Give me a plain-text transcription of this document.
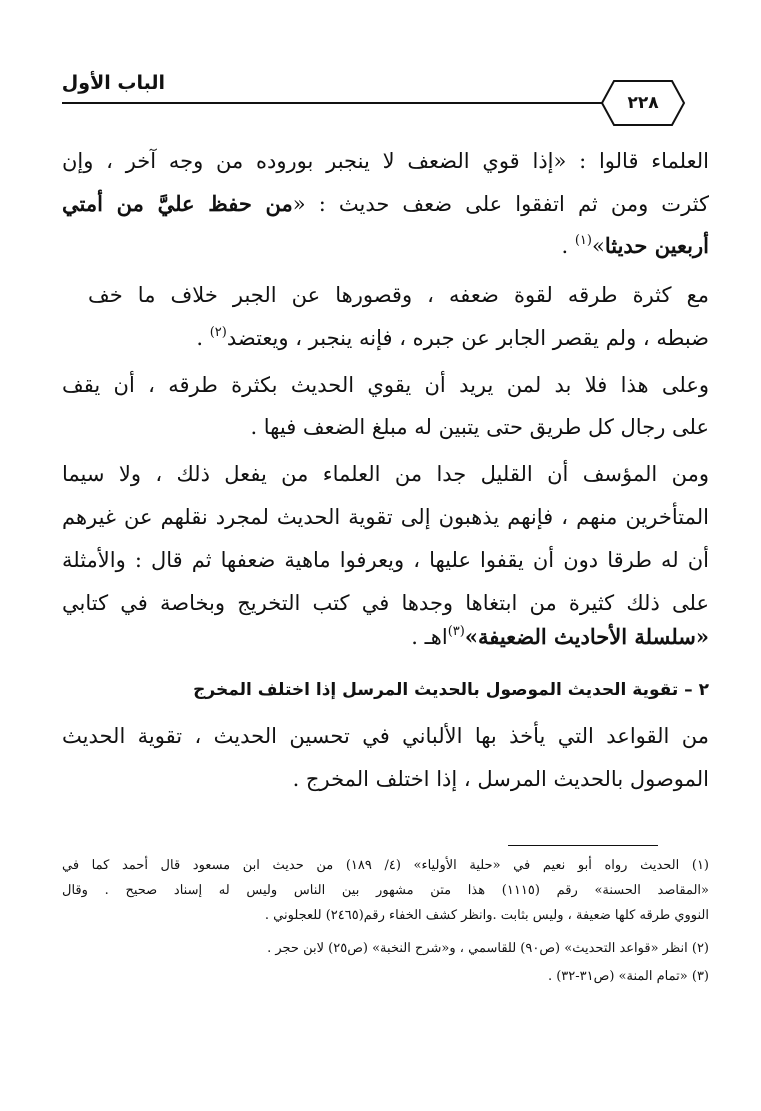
٢٢٨
الباب الأول
العلماء قالوا : «إذا قوي الضعف لا ينجبر بوروده من وجه آخر ، وإن
كثرت ومن ثم اتفقوا على ضعف حديث : «من حفظ عليَّ من أمتي
أربعين حديثا»$^{(١)}$ .
مع كثرة طرقه لقوة ضعفه ، وقصورها عن الجبر خلاف ما خف
ضبطه ، ولم يقصر الجابر عن جبره ، فإنه ينجبر ، ويعتضد$^{(٢)}$ .
وعلى هذا فلا بد لمن يريد أن يقوي الحديث بكثرة طرقه ، أن يقف
على رجال كل طريق حتى يتبين له مبلغ الضعف فيها .
ومن المؤسف أن القليل جدا من العلماء من يفعل ذلك ، ولا سيما
المتأخرين منهم ، فإنهم يذهبون إلى تقوية الحديث لمجرد نقلهم عن غيرهم
أن له طرقا دون أن يقفوا عليها ، ويعرفوا ماهية ضعفها ثم قال : والأمثلة
على ذلك كثيرة من ابتغاها وجدها في كتب التخريج وبخاصة في كتابي
«سلسلة الأحاديث الضعيفة»$^{(٣)}$اهـ .
٢ – تقوية الحديث الموصول بالحديث المرسل إذا اختلف المخرج
من القواعد التي يأخذ بها الألباني في تحسين الحديث ، تقوية الحديث
الموصول بالحديث المرسل ، إذا اختلف المخرج .
(١) الحديث رواه أبو نعيم في «حلية الأولياء» (٤/ ١٨٩) من حديث ابن مسعود قال أحمد كما في
«المقاصد الحسنة» رقم (١١١٥) هذا متن مشهور بين الناس وليس له إسناد صحيح . وقال
النووي طرقه كلها ضعيفة ، وليس بثابت .وانظر كشف الخفاء رقم(٢٤٦٥) للعجلوني .
(٢) انظر «قواعد التحديث» (ص٩٠) للقاسمي ، و«شرح النخبة» (ص٢٥) لابن حجر .
(٣) «تمام المنة» (ص٣١-٣٢) .
